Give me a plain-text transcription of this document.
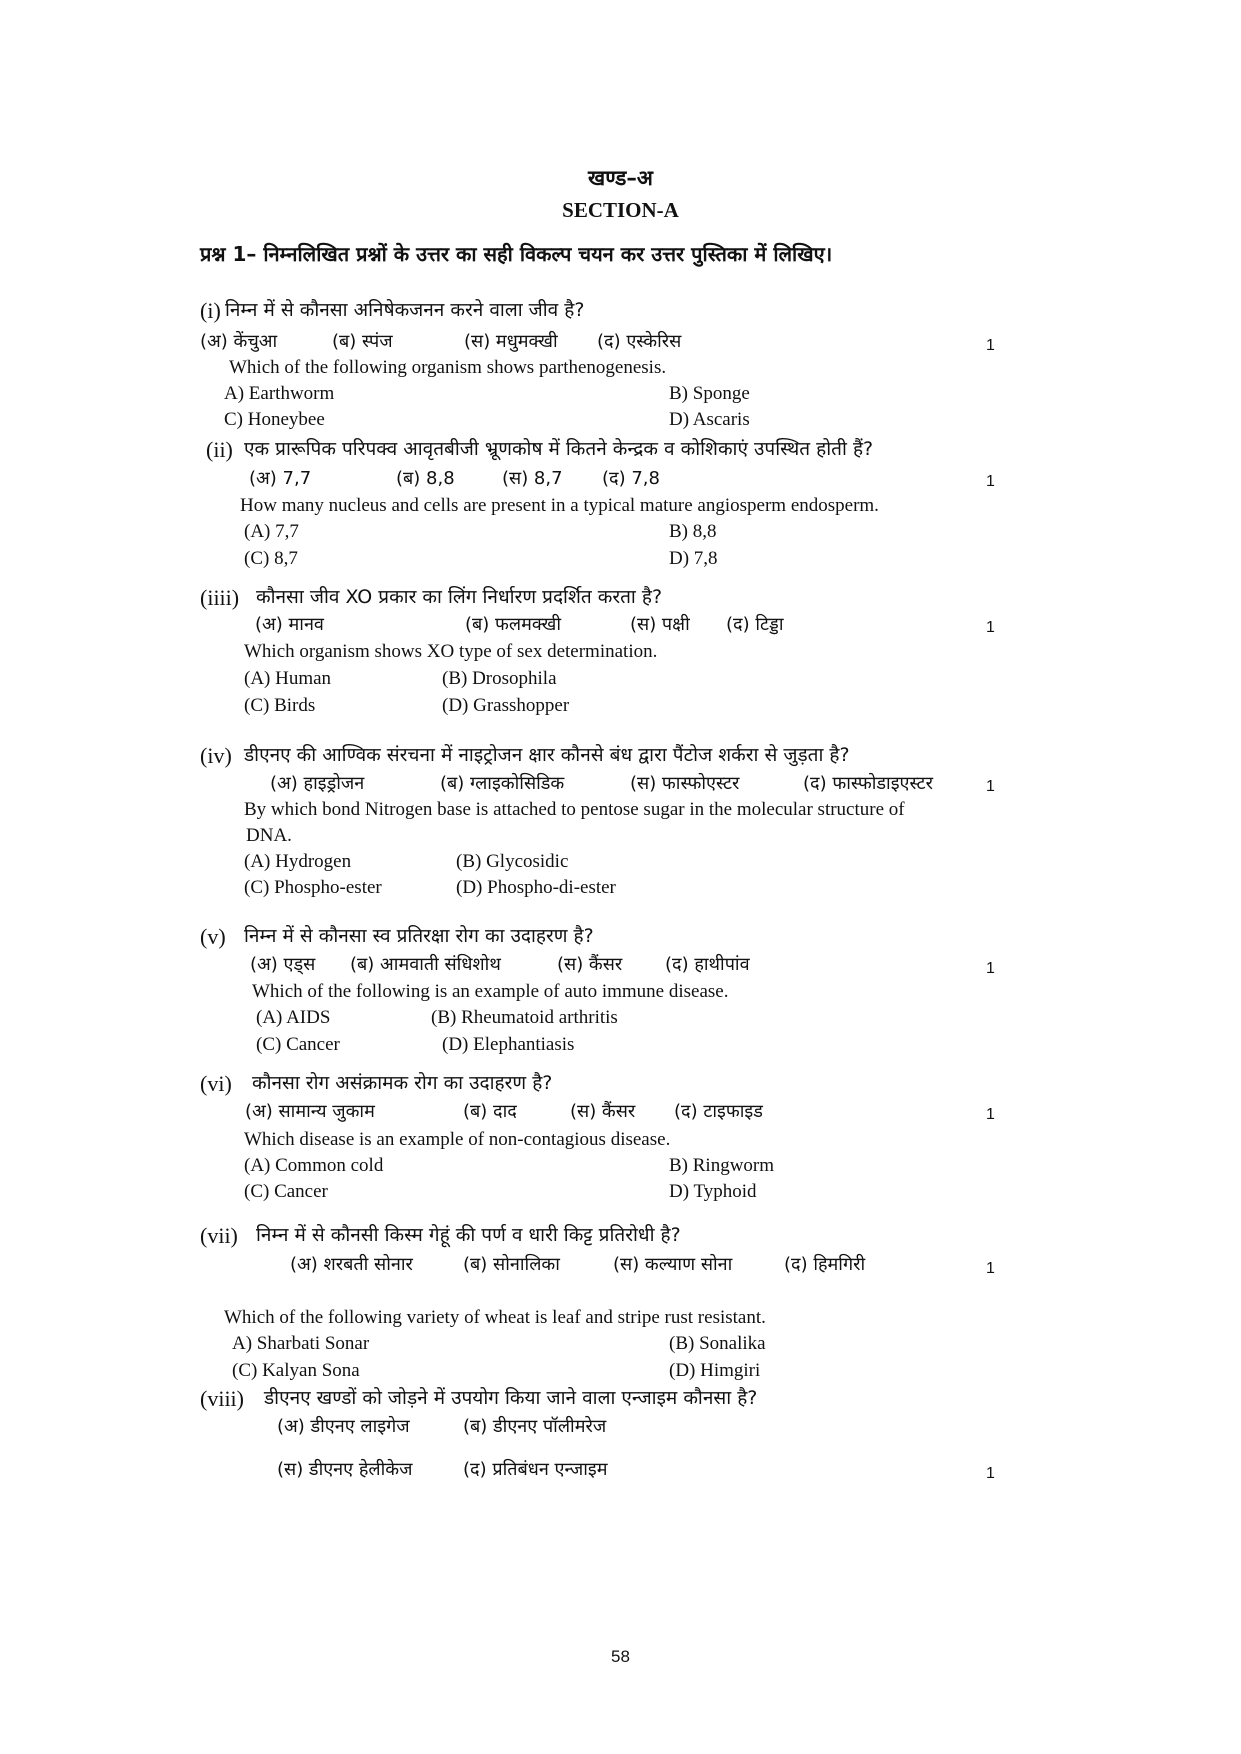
खण्ड–अ
SECTION-A
प्रश्न 1– निम्नलिखित प्रश्नों के उत्तर का सही विकल्प चयन कर उत्तर पुस्तिका में लिखिए।
(i) निम्न में से कौनसा अनिषेकजनन करने वाला जीव है?
(अ) केंचुआ	(ब) स्पंज	(स) मधुमक्खी (द) एस्केरिस	1
Which of the following organism shows parthenogenesis.
A) Earthworm	B) Sponge
C) Honeybee	D) Ascaris
(ii) एक प्रारूपिक परिपक्व आवृतबीजी भ्रूणकोष में कितने केन्द्रक व कोशिकाएं उपस्थित होती हैं?
(अ) 7,7	(ब) 8,8	(स) 8,7 (द) 7,8	1
How many nucleus and cells are present in a typical mature angiosperm endosperm.
(A) 7,7	B) 8,8
(C) 8,7	D) 7,8
(iiii) कौनसा जीव XO प्रकार का लिंग निर्धारण प्रदर्शित करता है?
(अ) मानव	(ब) फलमक्खी	(स) पक्षी (द) टिड्डा	1
Which organism shows XO type of sex determination.
(A) Human	(B) Drosophila
(C) Birds	(D) Grasshopper
(iv) डीएनए की आण्विक संरचना में नाइट्रोजन क्षार कौनसे बंध द्वारा पैंटोज शर्करा से जुड़ता है?
(अ) हाइड्रोजन	(ब) ग्लाइकोसिडिक	(स) फास्फोएस्टर	(द) फास्फोडाइएस्टर	1
By which bond Nitrogen base is attached to pentose sugar in the molecular structure of
DNA.
(A) Hydrogen	(B) Glycosidic
(C) Phospho-ester	(D) Phospho-di-ester
(v) निम्न में से कौनसा स्व प्रतिरक्षा रोग का उदाहरण है?
(अ) एड्स (ब) आमवाती संधिशोथ	(स) कैंसर (द) हाथीपांव	1
Which of the following is an example of auto immune disease.
(A) AIDS	(B) Rheumatoid arthritis
(C) Cancer	(D) Elephantiasis
(vi) कौनसा रोग असंक्रामक रोग का उदाहरण है?
(अ) सामान्य जुकाम	(ब) दाद	(स) कैंसर (द) टाइफाइड	1
Which disease is an example of non-contagious disease.
(A) Common cold	B) Ringworm
(C) Cancer	D) Typhoid
(vii) निम्न में से कौनसी किस्म गेहूं की पर्ण व धारी किट्ट प्रतिरोधी है?
(अ) शरबती सोनार	(ब) सोनालिका	(स) कल्याण सोना	(द) हिमगिरी	1
Which of the following variety of wheat is leaf and stripe rust resistant.
A) Sharbati Sonar	(B) Sonalika
(C) Kalyan Sona	(D) Himgiri
(viii) डीएनए खण्डों को जोड़ने में उपयोग किया जाने वाला एन्जाइम कौनसा है?
(अ) डीएनए लाइगेज	(ब) डीएनए पॉलीमरेज
(स) डीएनए हेलीकेज	(द) प्रतिबंधन एन्जाइम	1
58
